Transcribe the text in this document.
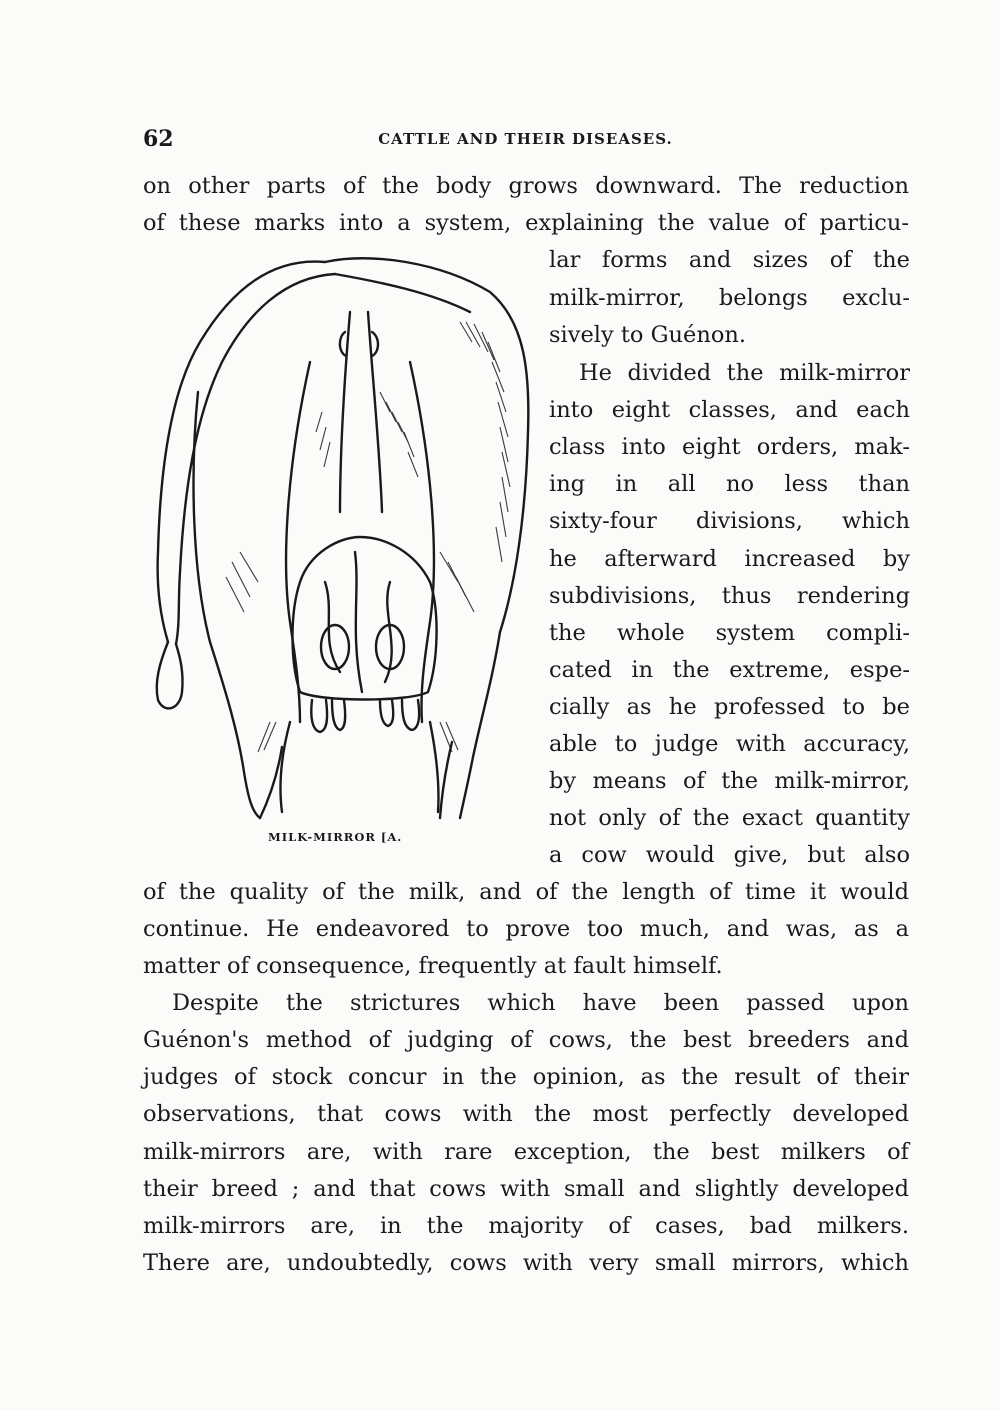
62	CATTLE AND THEIR DISEASES.
on other parts of the body grows downward. The reduction
of these marks into a system, explaining the value of particu-
MILK-MIRROR [A.
lar forms and sizes of the
milk-mirror, belongs exclu-
sively to Guénon.
He divided the milk-mirror
into eight classes, and each
class into eight orders, mak-
ing in all no less than
sixty-four divisions, which
he afterward increased by
subdivisions, thus rendering
the whole system compli-
cated in the extreme, espe-
cially as he professed to be
able to judge with accuracy,
by means of the milk-mirror,
not only of the exact quantity
a cow would give, but also
of the quality of the milk, and of the length of time it would
continue. He endeavored to prove too much, and was, as a
matter of consequence, frequently at fault himself.
Despite the strictures which have been passed upon
Guénon's method of judging of cows, the best breeders and
judges of stock concur in the opinion, as the result of their
observations, that cows with the most perfectly developed
milk-mirrors are, with rare exception, the best milkers of
their breed ; and that cows with small and slightly developed
milk-mirrors are, in the majority of cases, bad milkers.
There are, undoubtedly, cows with very small mirrors, which
